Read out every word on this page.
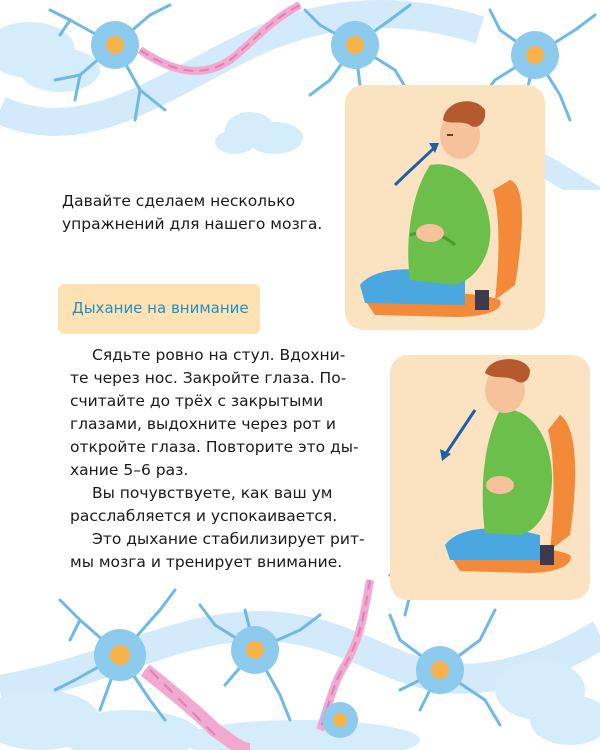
Давайте сделаем несколько
упражнений для нашего мозга.
Дыхание на внимание
Сядьте ровно на стул. Вдохни-
те через нос. Закройте глаза. По-
считайте до трёх с закрытыми
глазами, выдохните через рот и
откройте глаза. Повторите это ды-
хание 5–6 раз.
Вы почувствуете, как ваш ум
расслабляется и успокаивается.
Это дыхание стабилизирует рит-
мы мозга и тренирует внимание.
